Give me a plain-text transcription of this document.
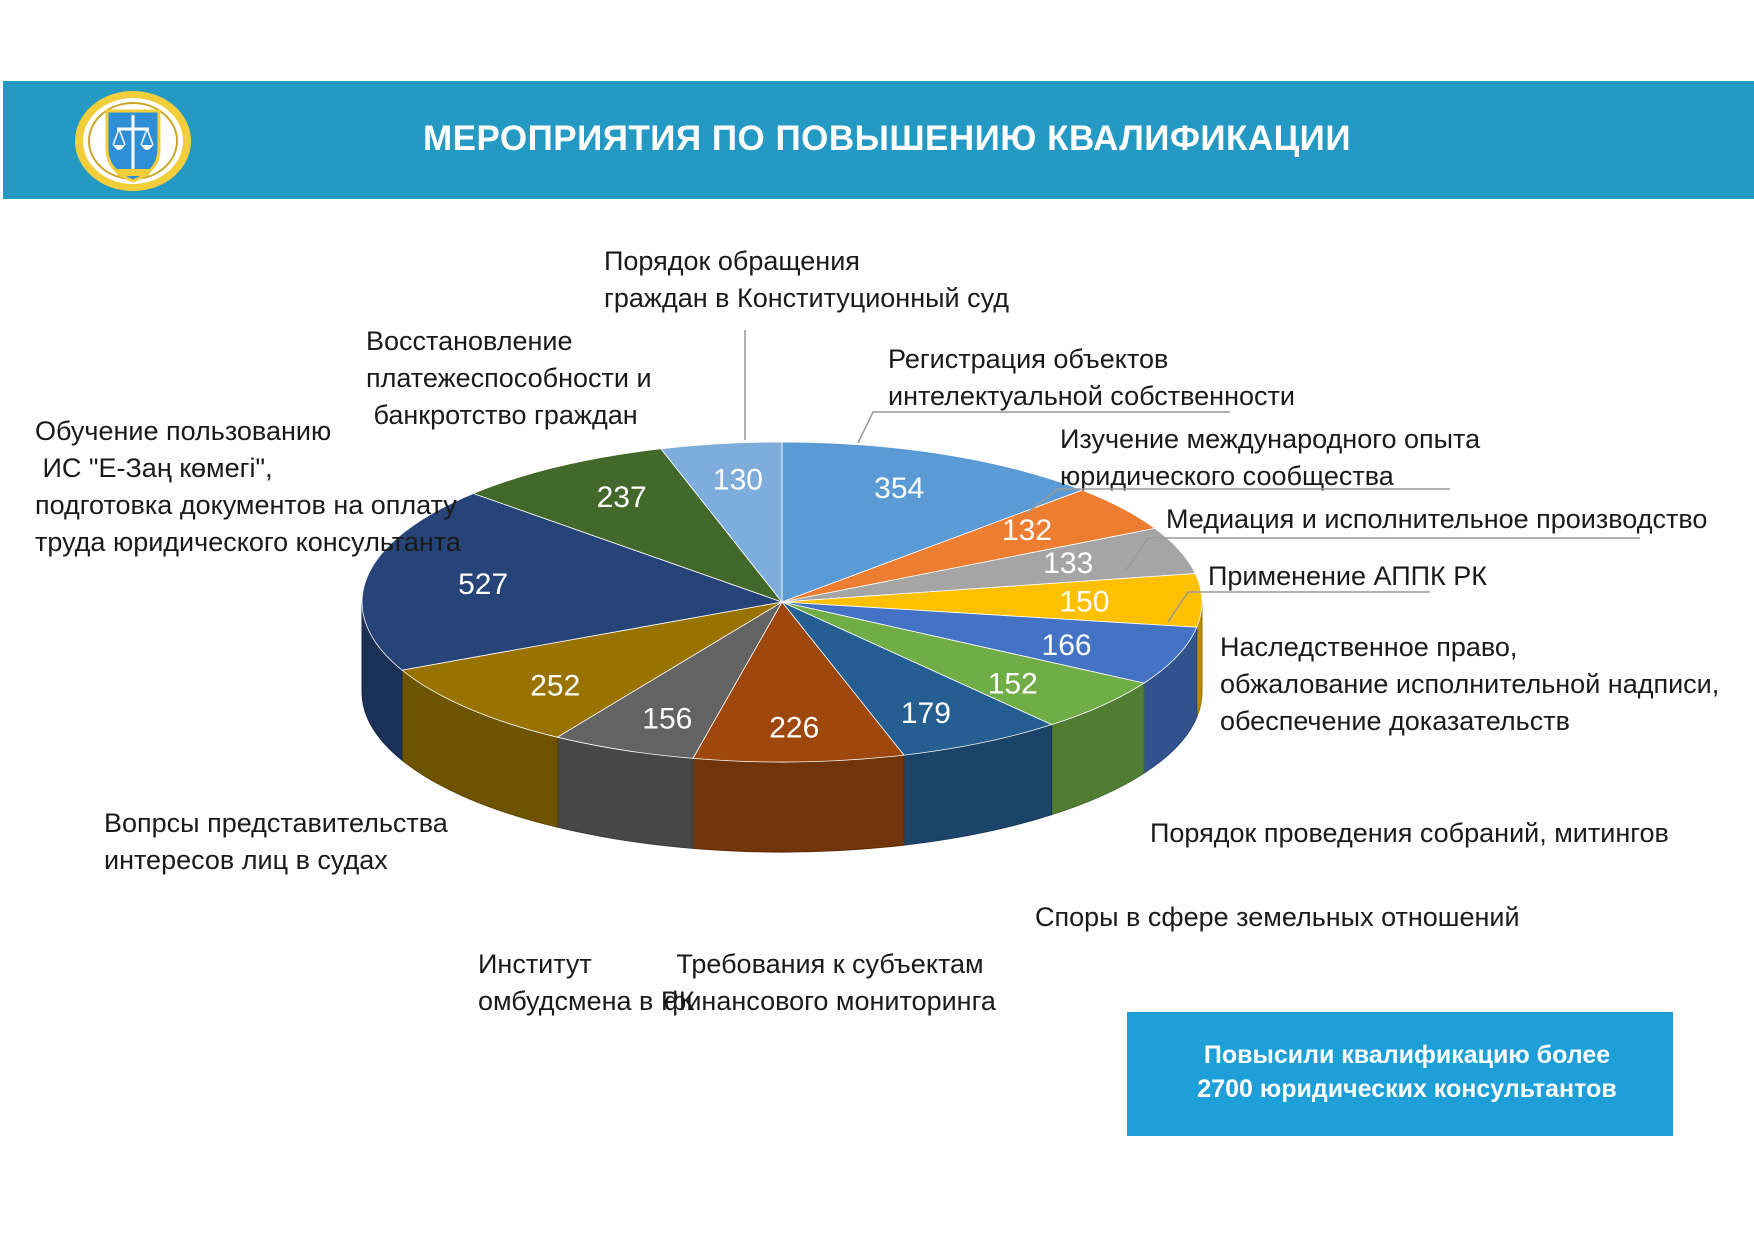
МЕРОПРИЯТИЯ ПО ПОВЫШЕНИЮ КВАЛИФИКАЦИИ
354
132
133
150
166
152
179
226
156
252
527
237
130
Регистрация объектов интелектуальной собственности
Изучение международного опыта юридического сообщества
Медиация и исполнительное производство
Применение АППК РК
Наследственное право, обжалование исполнительной надписи, обеспечение доказательств
Порядок проведения собраний, митингов
Споры в сфере земельных отношений
Требования к субъектам финансового мониторинга
Институт омбудсмена в РК
Вопрсы представительства интересов лиц в судах
Обучение пользованию ИС "Е-Заң көмегі", подготовка документов на оплату труда юридического консультанта
Восстановление платежеспособности и банкротство граждан
Порядок обращения граждан в Конституционный суд
Повысили квалификацию более
2700 юридических консультантов
